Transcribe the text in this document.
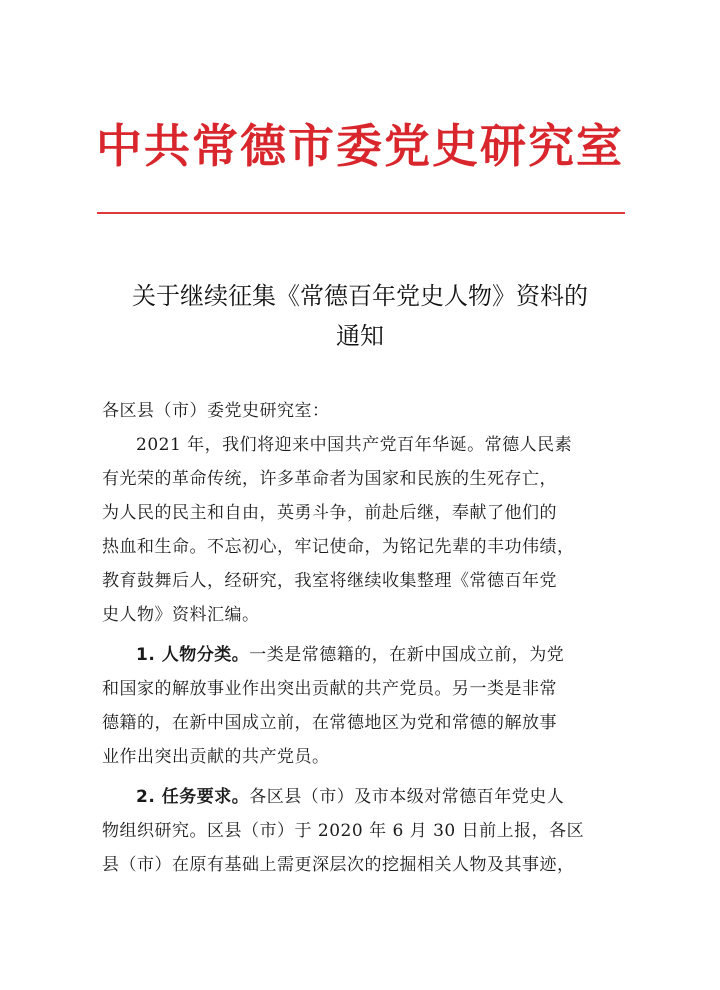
中共常德市委党史研究室
关于继续征集《常德百年党史人物》资料的
通知
各区县（市）委党史研究室：
2021 年，我们将迎来中国共产党百年华诞。常德人民素
有光荣的革命传统，许多革命者为国家和民族的生死存亡，
为人民的民主和自由，英勇斗争，前赴后继，奉献了他们的
热血和生命。不忘初心，牢记使命，为铭记先辈的丰功伟绩，
教育鼓舞后人，经研究，我室将继续收集整理《常德百年党
史人物》资料汇编。
1. 人物分类。一类是常德籍的，在新中国成立前，为党
和国家的解放事业作出突出贡献的共产党员。另一类是非常
德籍的，在新中国成立前，在常德地区为党和常德的解放事
业作出突出贡献的共产党员。
2. 任务要求。各区县（市）及市本级对常德百年党史人
物组织研究。区县（市）于 2020 年 6 月 30 日前上报，各区
县（市）在原有基础上需更深层次的挖掘相关人物及其事迹，
